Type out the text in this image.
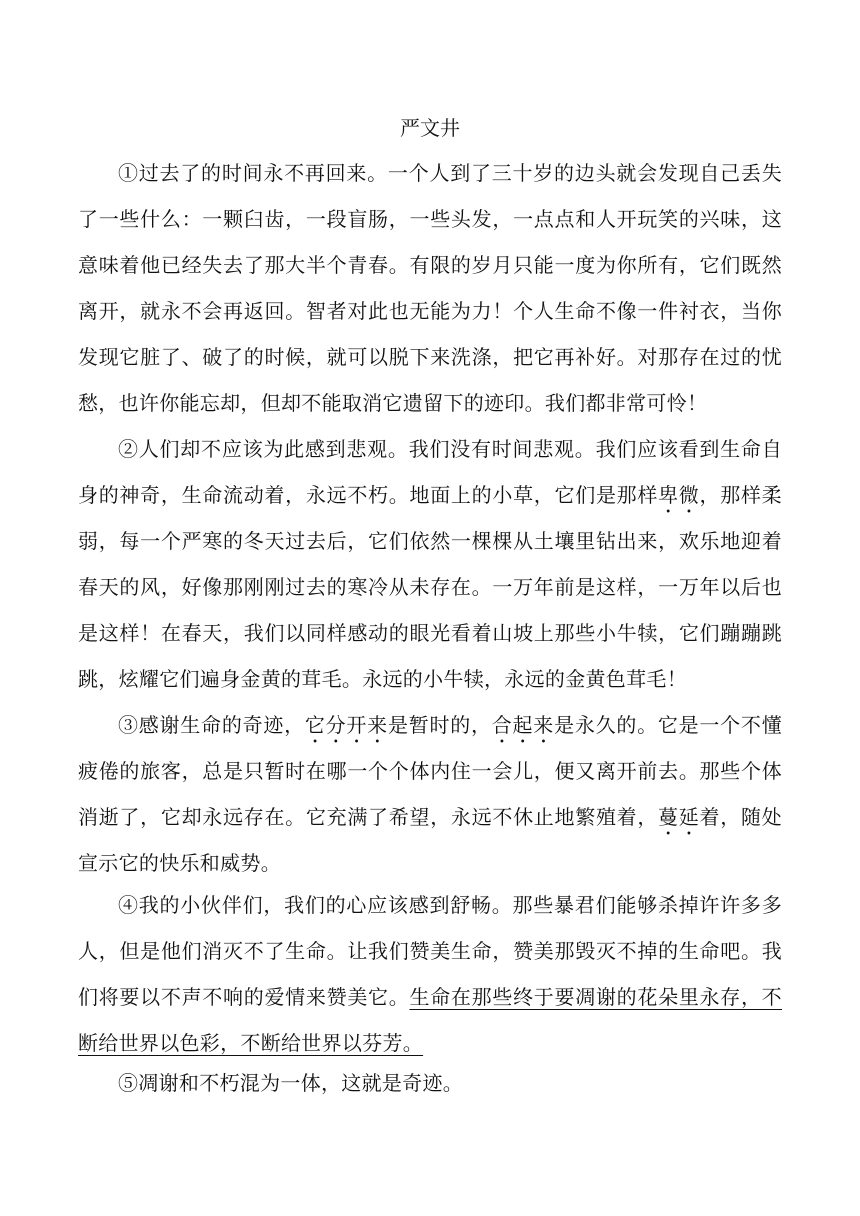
严文井

①过去了的时间永不再回来。一个人到了三十岁的边头就会发现自己丢失了一些什么：一颗臼齿，一段盲肠，一些头发，一点点和人开玩笑的兴味，这意味着他已经失去了那大半个青春。有限的岁月只能一度为你所有，它们既然离开，就永不会再返回。智者对此也无能为力！个人生命不像一件衬衣，当你发现它脏了、破了的时候，就可以脱下来洗涤，把它再补好。对那存在过的忧愁，也许你能忘却，但却不能取消它遗留下的迹印。我们都非常可怜！

②人们却不应该为此感到悲观。我们没有时间悲观。我们应该看到生命自身的神奇，生命流动着，永远不朽。地面上的小草，它们是那样卑微，那样柔弱，每一个严寒的冬天过去后，它们依然一棵棵从土壤里钻出来，欢乐地迎着春天的风，好像那刚刚过去的寒冷从未存在。一万年前是这样，一万年以后也是这样！在春天，我们以同样感动的眼光看着山坡上那些小牛犊，它们蹦蹦跳跳，炫耀它们遍身金黄的茸毛。永远的小牛犊，永远的金黄色茸毛！

③感谢生命的奇迹，它分开来是暂时的，合起来是永久的。它是一个不懂疲倦的旅客，总是只暂时在哪一个个体内住一会儿，便又离开前去。那些个体消逝了，它却永远存在。它充满了希望，永远不休止地繁殖着，蔓延着，随处宣示它的快乐和威势。

④我的小伙伴们，我们的心应该感到舒畅。那些暴君们能够杀掉许许多多人，但是他们消灭不了生命。让我们赞美生命，赞美那毁灭不掉的生命吧。我们将要以不声不响的爱情来赞美它。生命在那些终于要凋谢的花朵里永存，不断给世界以色彩，不断给世界以芬芳。

⑤凋谢和不朽混为一体，这就是奇迹。
